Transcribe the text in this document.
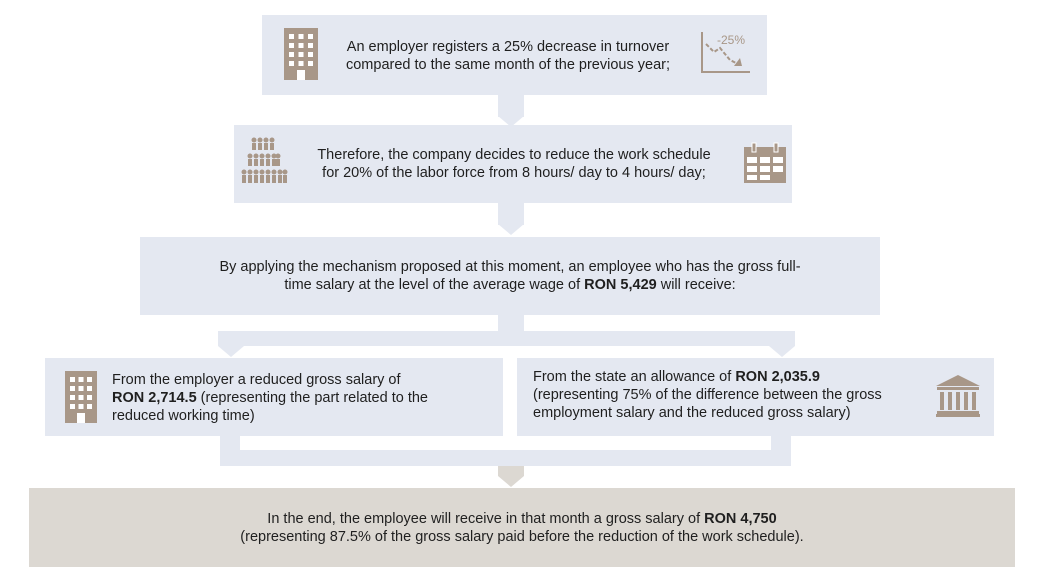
An employer registers a 25% decrease in turnover
compared to the same month of the previous year;
-25%
Therefore, the company decides to reduce the work schedule
for 20% of the labor force from 8 hours/ day to 4 hours/ day;
By applying the mechanism proposed at this moment, an employee who has the gross full-
time salary at the level of the average wage of RON 5,429 will receive:
From the employer a reduced gross salary of
RON 2,714.5 (representing the part related to the
reduced working time)
From the state an allowance of RON 2,035.9
(representing 75% of the difference between the gross
employment salary and the reduced gross salary)
In the end, the employee will receive in that month a gross salary of RON 4,750
(representing 87.5% of the gross salary paid before the reduction of the work schedule).
